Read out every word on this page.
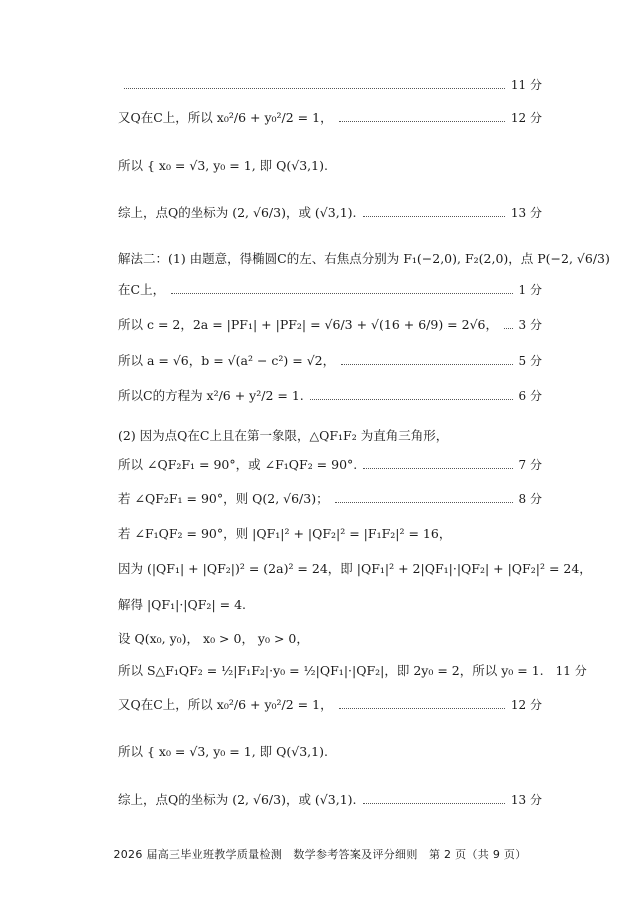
11 分
又Q在C上，所以 x₀²/6 + y₀²/2 = 1，	12 分
所以 { x₀ = √3, y₀ = 1, 即 Q(√3,1).
综上，点Q的坐标为 (2, √6/3)，或 (√3,1).	13 分
解法二：(1) 由题意，得椭圆C的左、右焦点分别为 F₁(−2,0), F₂(2,0)，点 P(−2, √6/3)
在C上，	1 分
所以 c = 2，2a = |PF₁| + |PF₂| = √6/3 + √(16 + 6/9) = 2√6， 3 分
所以 a = √6，b = √(a² − c²) = √2，	5 分
所以C的方程为 x²/6 + y²/2 = 1.	6 分
(2) 因为点Q在C上且在第一象限，△QF₁F₂ 为直角三角形，
所以 ∠QF₂F₁ = 90°，或 ∠F₁QF₂ = 90°.	7 分
若 ∠QF₂F₁ = 90°，则 Q(2, √6/3)；	8 分
若 ∠F₁QF₂ = 90°，则 |QF₁|² + |QF₂|² = |F₁F₂|² = 16，
因为 (|QF₁| + |QF₂|)² = (2a)² = 24，即 |QF₁|² + 2|QF₁|·|QF₂| + |QF₂|² = 24，
解得 |QF₁|·|QF₂| = 4.
设 Q(x₀, y₀)， x₀ > 0， y₀ > 0，
所以 S△F₁QF₂ = ½|F₁F₂|·y₀ = ½|QF₁|·|QF₂|，即 2y₀ = 2，所以 y₀ = 1. 11 分
又Q在C上，所以 x₀²/6 + y₀²/2 = 1，	12 分
所以 { x₀ = √3, y₀ = 1, 即 Q(√3,1).
综上，点Q的坐标为 (2, √6/3)，或 (√3,1).	13 分
2026 届高三毕业班教学质量检测　数学参考答案及评分细则　第 2 页（共 9 页）
